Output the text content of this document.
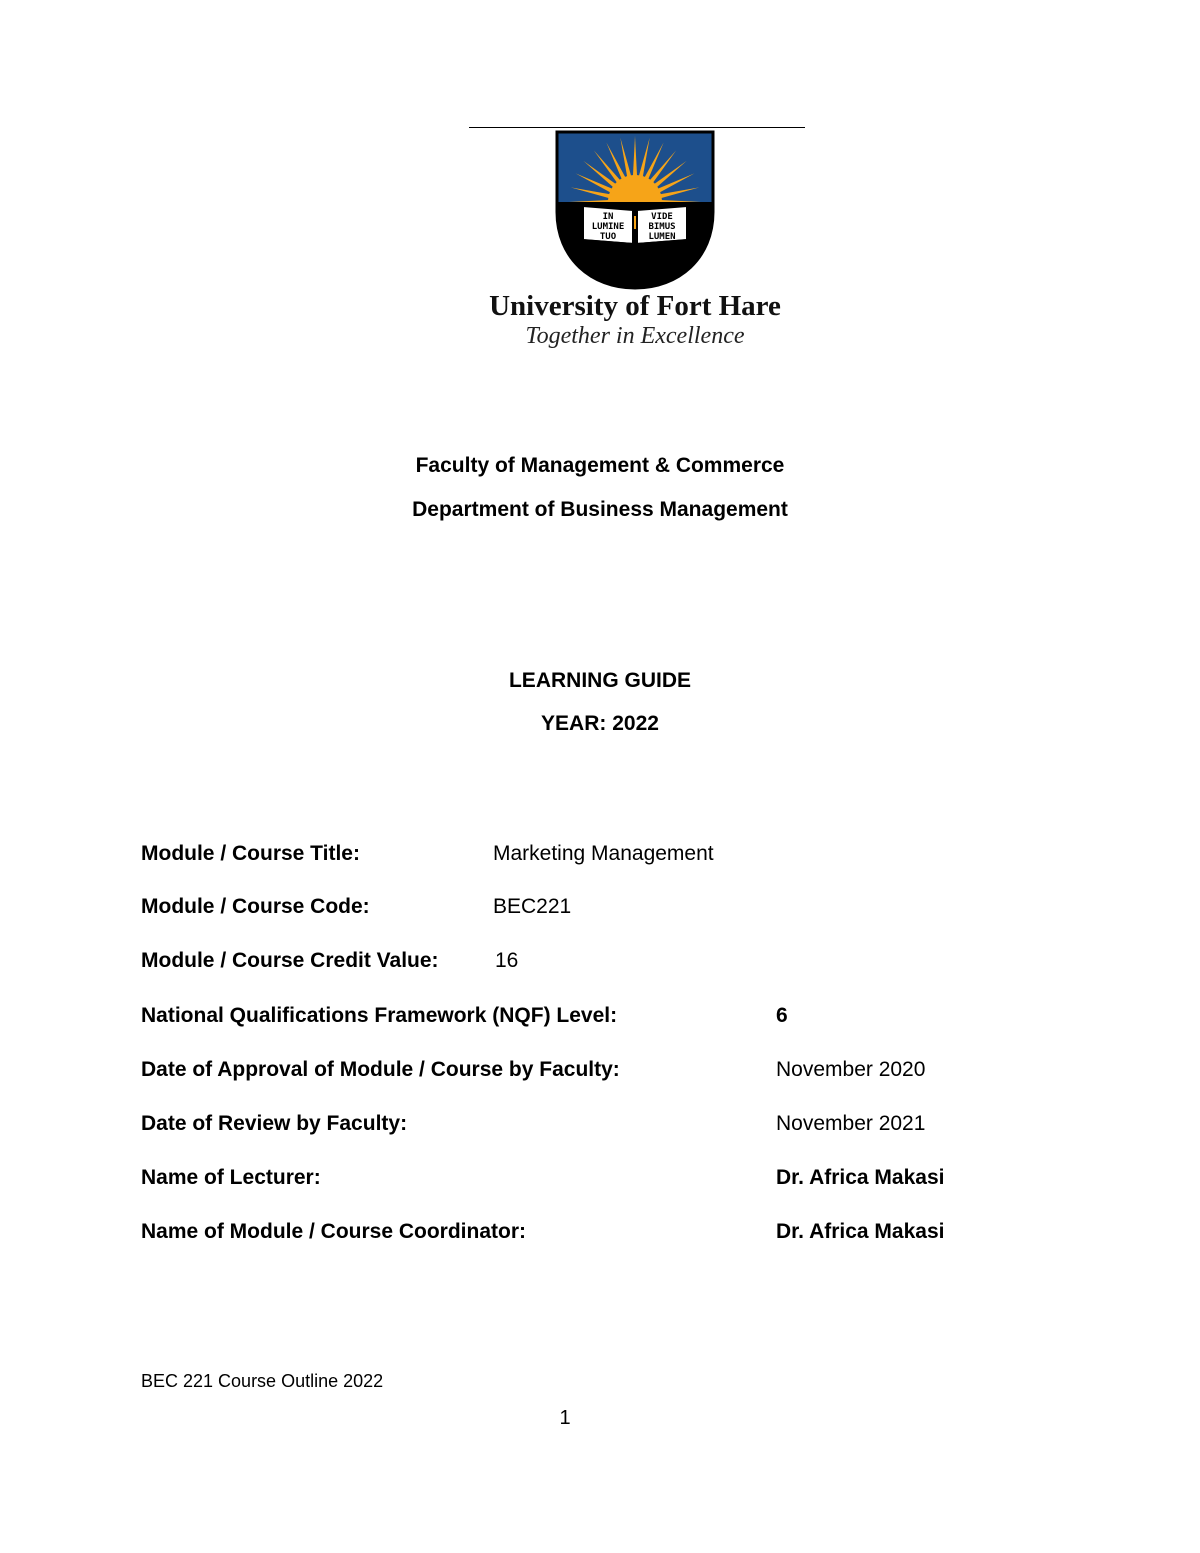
IN
LUMINE
TUO
VIDE
BIMUS
LUMEN
University of Fort Hare
Together in Excellence
Faculty of Management & Commerce
Department of Business Management
LEARNING GUIDE
YEAR: 2022
Module / Course Title:	Marketing Management
Module / Course Code:	BEC221
Module / Course Credit Value:	16
National Qualifications Framework (NQF) Level:	6
Date of Approval of Module / Course by Faculty:	November 2020
Date of Review by Faculty:	November 2021
Name of Lecturer:	Dr. Africa Makasi
Name of Module / Course Coordinator:	Dr. Africa Makasi
BEC 221 Course Outline 2022
1
